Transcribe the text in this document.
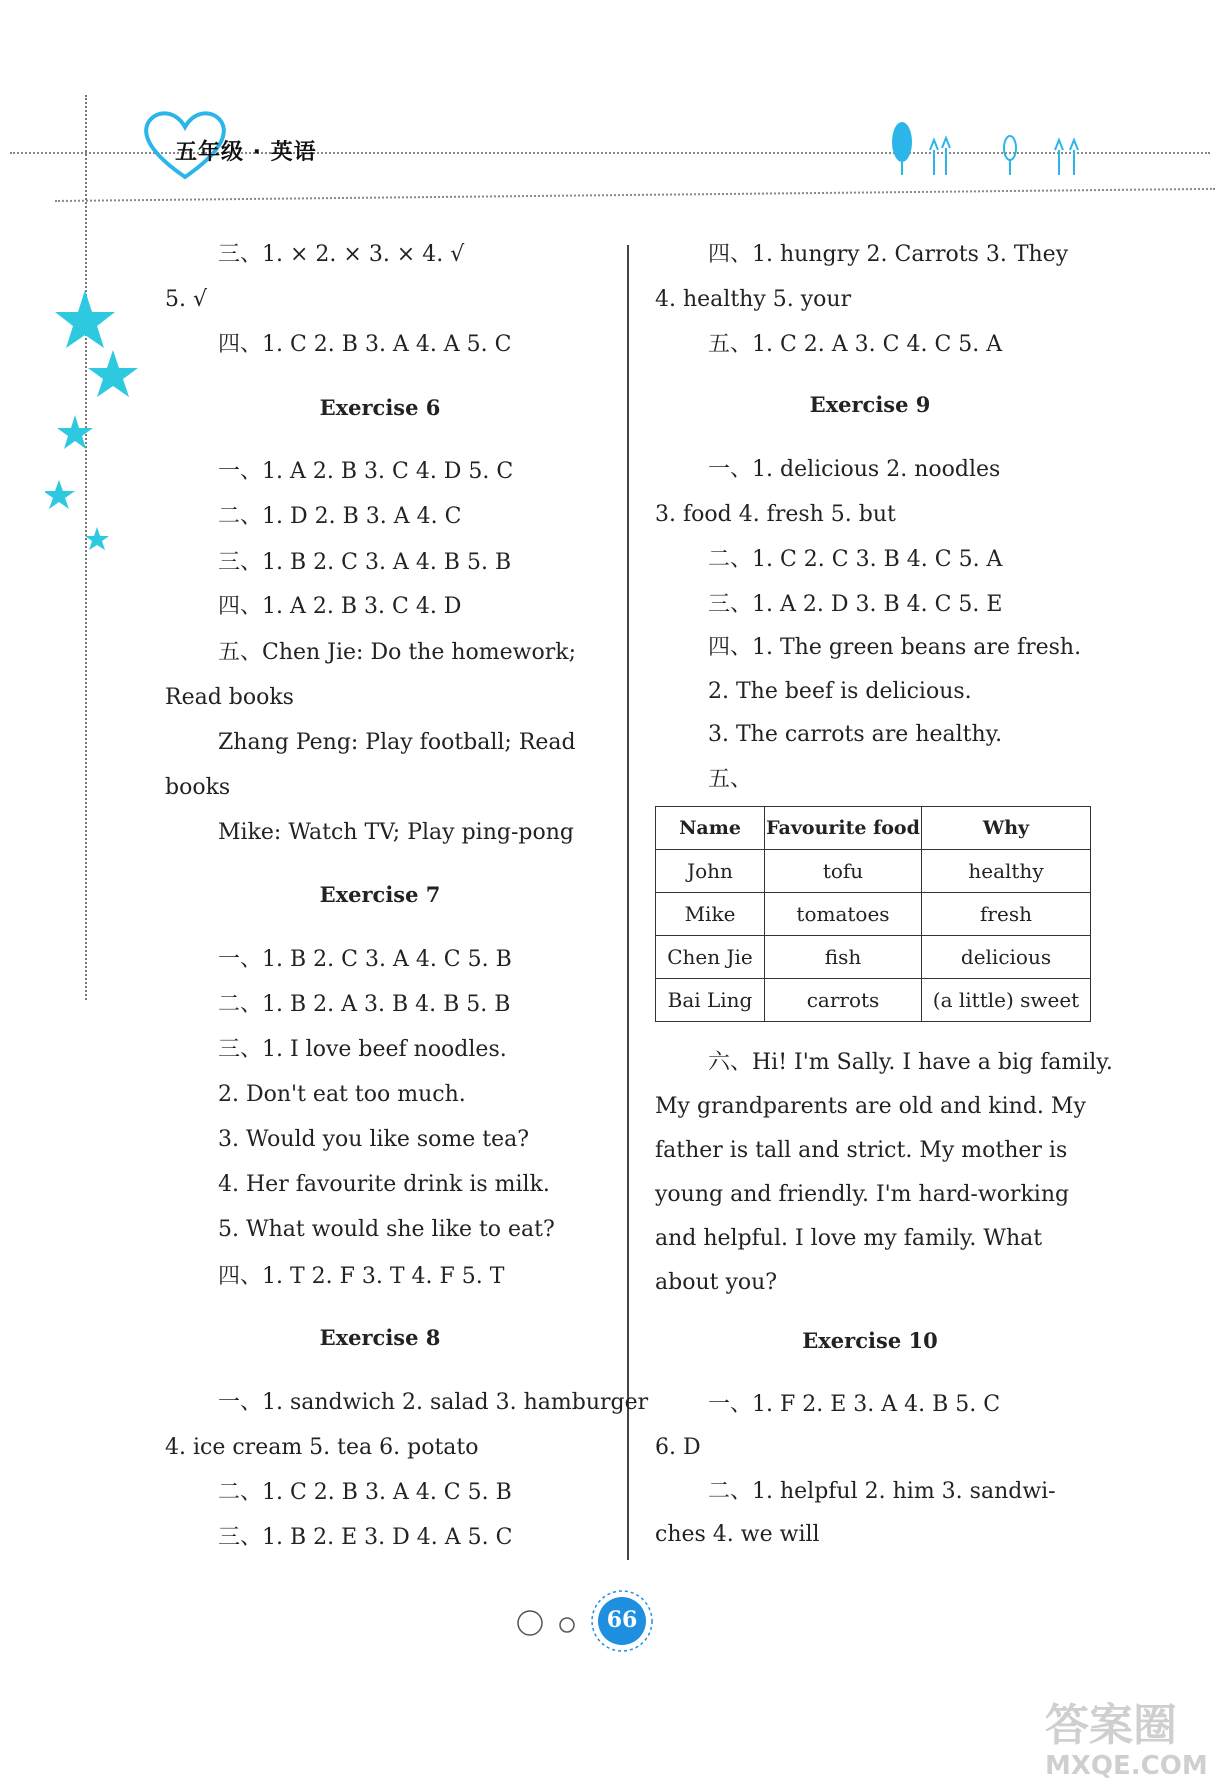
五年级 · 英语
三、1. × 2. × 3. × 4. √
5. √
四、1. C 2. B 3. A 4. A 5. C
Exercise 6
一、1. A 2. B 3. C 4. D 5. C
二、1. D 2. B 3. A 4. C
三、1. B 2. C 3. A 4. B 5. B
四、1. A 2. B 3. C 4. D
五、Chen Jie: Do the homework;
Read books
Zhang Peng: Play football; Read
books
Mike: Watch TV; Play ping-pong
Exercise 7
一、1. B 2. C 3. A 4. C 5. B
二、1. B 2. A 3. B 4. B 5. B
三、1. I love beef noodles.
2. Don't eat too much.
3. Would you like some tea?
4. Her favourite drink is milk.
5. What would she like to eat?
四、1. T 2. F 3. T 4. F 5. T
Exercise 8
一、1. sandwich 2. salad 3. hamburger
4. ice cream 5. tea 6. potato
二、1. C 2. B 3. A 4. C 5. B
三、1. B 2. E 3. D 4. A 5. C
四、1. hungry 2. Carrots 3. They
4. healthy 5. your
五、1. C 2. A 3. C 4. C 5. A
Exercise 9
一、1. delicious 2. noodles
3. food 4. fresh 5. but
二、1. C 2. C 3. B 4. C 5. A
三、1. A 2. D 3. B 4. C 5. E
四、1. The green beans are fresh.
2. The beef is delicious.
3. The carrots are healthy.
五、
Name	Favourite food	Why
John	tofu	healthy
Mike	tomatoes	fresh
Chen Jie	fish	delicious
Bai Ling	carrots	(a little) sweet
六、Hi! I'm Sally. I have a big family.
My grandparents are old and kind. My
father is tall and strict. My mother is
young and friendly. I'm hard-working
and helpful. I love my family. What
about you?
Exercise 10
一、1. F 2. E 3. A 4. B 5. C
6. D
二、1. helpful 2. him 3. sandwi-
ches 4. we will
66
答案圈
MXQE.COM
